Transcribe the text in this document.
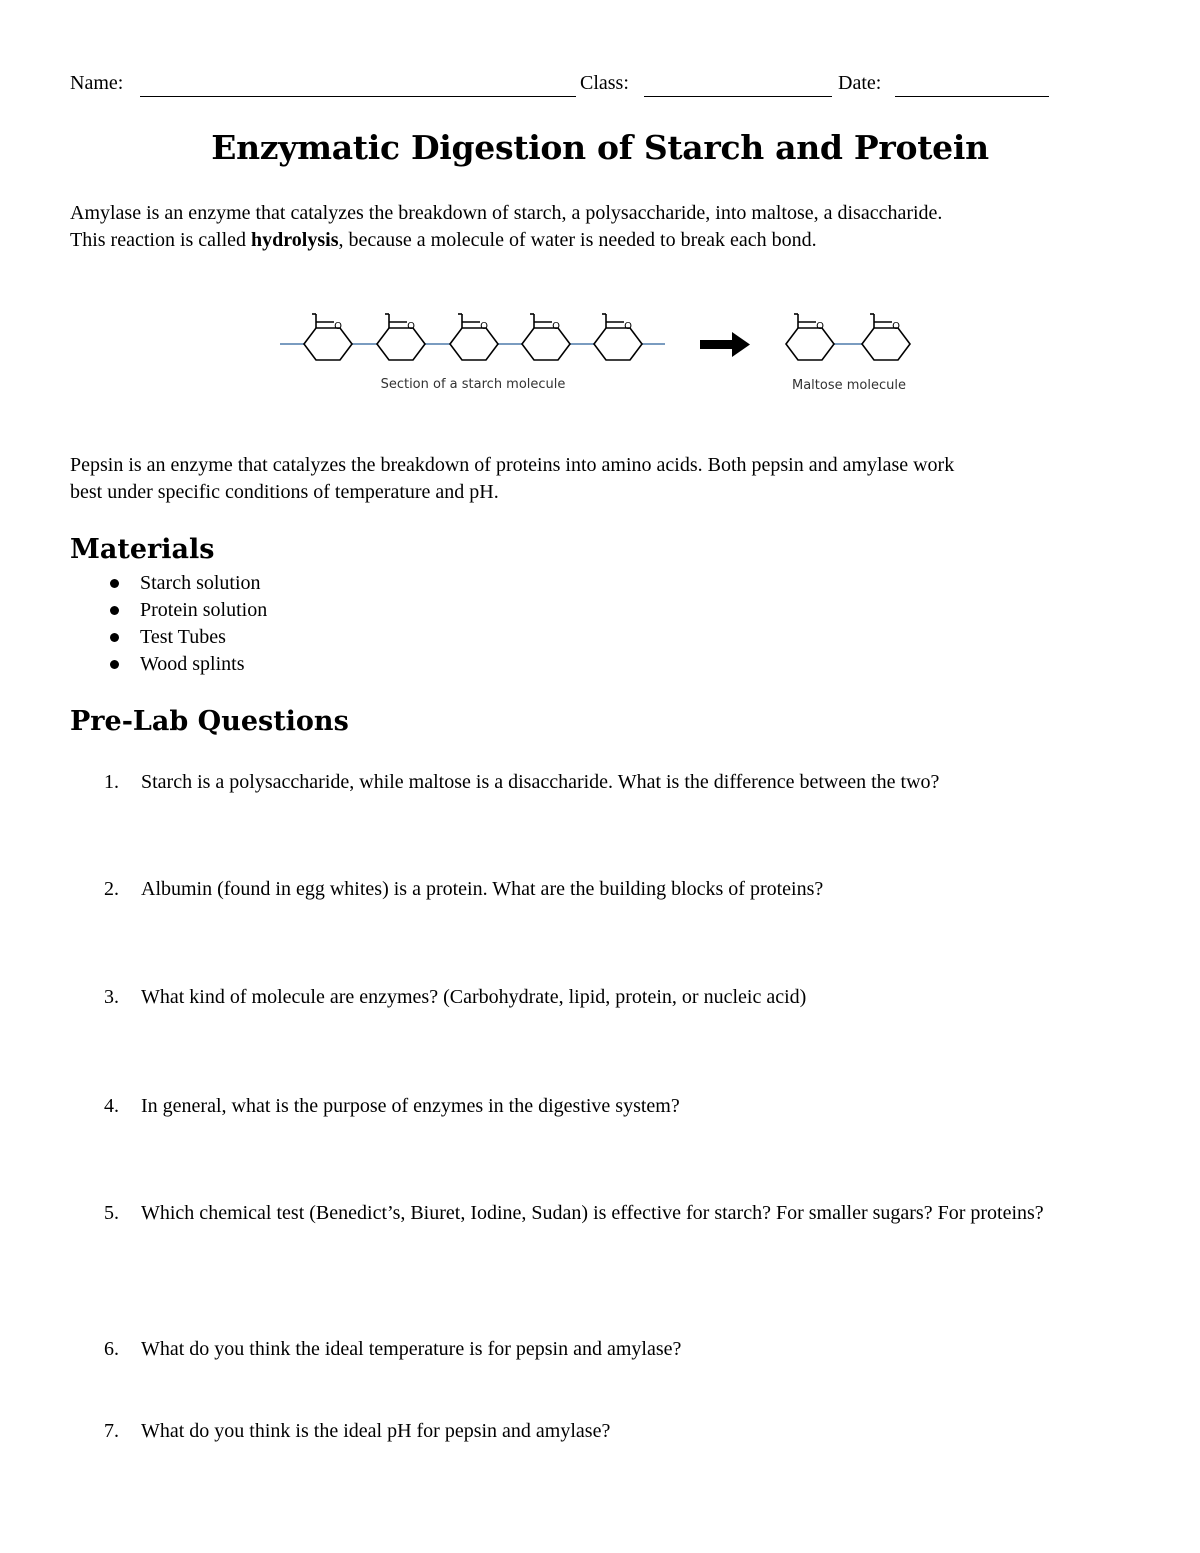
Name:	Class:	Date:
Enzymatic Digestion of Starch and Protein
Amylase is an enzyme that catalyzes the breakdown of starch, a polysaccharide, into maltose, a disaccharide.
This reaction is called hydrolysis, because a molecule of water is needed to break each bond.
O	O	O	O	O	O	O
Section of a starch molecule	Maltose molecule
Pepsin is an enzyme that catalyzes the breakdown of proteins into amino acids. Both pepsin and amylase work
best under specific conditions of temperature and pH.
Materials
Starch solution
Protein solution
Test Tubes
Wood splints
Pre-Lab Questions
1. Starch is a polysaccharide, while maltose is a disaccharide. What is the difference between the two?
2. Albumin (found in egg whites) is a protein. What are the building blocks of proteins?
3. What kind of molecule are enzymes? (Carbohydrate, lipid, protein, or nucleic acid)
4. In general, what is the purpose of enzymes in the digestive system?
5. Which chemical test (Benedict’s, Biuret, Iodine, Sudan) is effective for starch? For smaller sugars? For proteins?
6. What do you think the ideal temperature is for pepsin and amylase?
7. What do you think is the ideal pH for pepsin and amylase?
